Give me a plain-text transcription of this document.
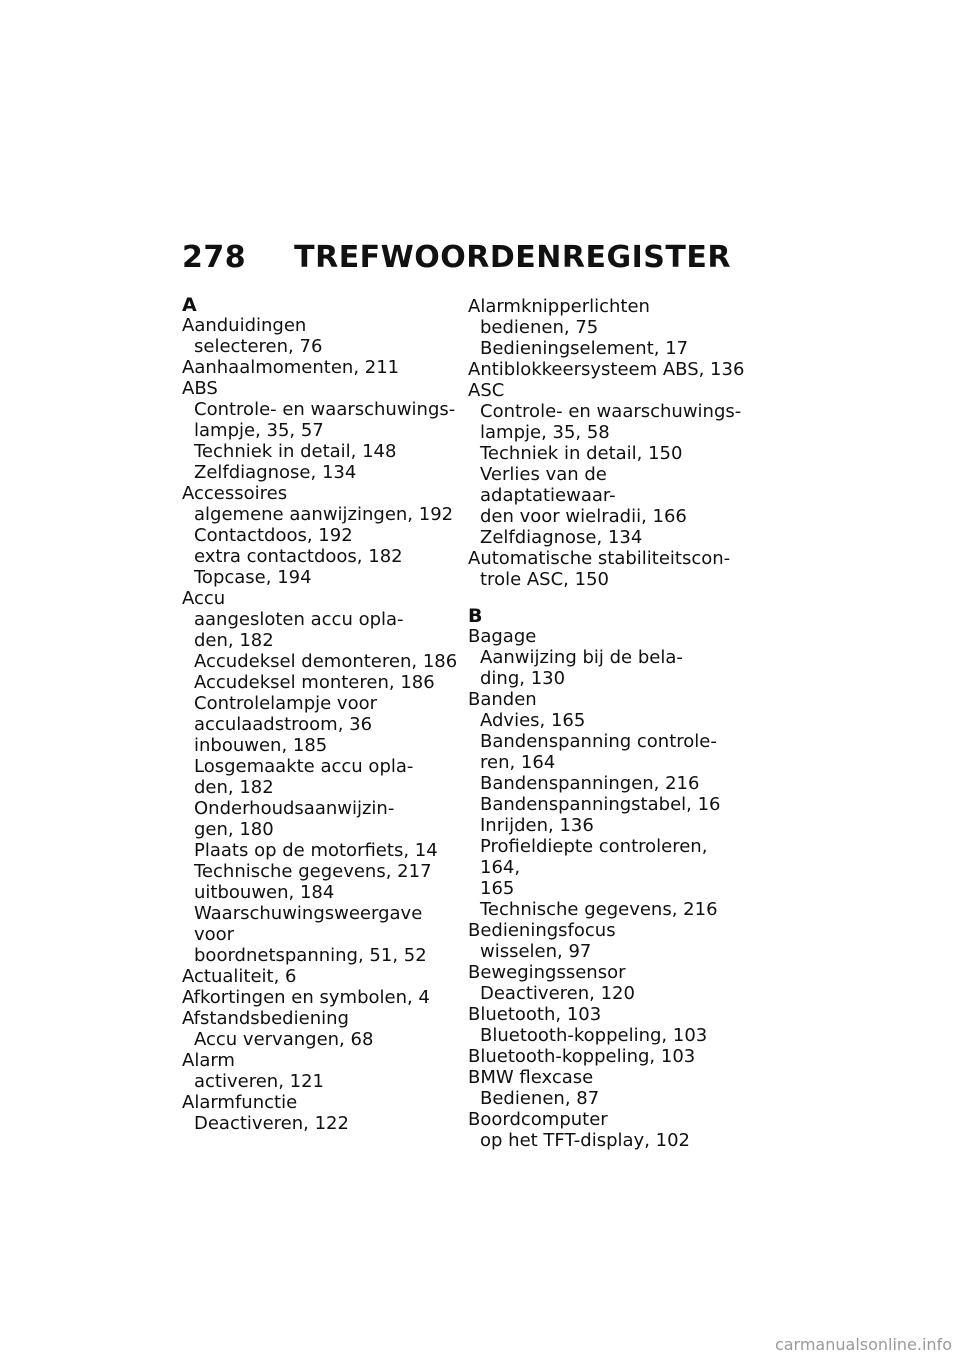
278 TREFWOORDENREGISTER
A
Aanduidingen
selecteren, 76
Aanhaalmomenten, 211
ABS
Controle- en waarschuwings-
lampje, 35, 57
Techniek in detail, 148
Zelfdiagnose, 134
Accessoires
algemene aanwijzingen, 192
Contactdoos, 192
extra contactdoos, 182
Topcase, 194
Accu
aangesloten accu opla-
den, 182
Accudeksel demonteren, 186
Accudeksel monteren, 186
Controlelampje voor
acculaadstroom, 36
inbouwen, 185
Losgemaakte accu opla-
den, 182
Onderhoudsaanwijzin-
gen, 180
Plaats op de motorfiets, 14
Technische gegevens, 217
uitbouwen, 184
Waarschuwingsweergave voor
boordnetspanning, 51, 52
Actualiteit, 6
Afkortingen en symbolen, 4
Afstandsbediening
Accu vervangen, 68
Alarm
activeren, 121
Alarmfunctie
Deactiveren, 122
Alarmknipperlichten
bedienen, 75
Bedieningselement, 17
Antiblokkeersysteem ABS, 136
ASC
Controle- en waarschuwings-
lampje, 35, 58
Techniek in detail, 150
Verlies van de adaptatiewaar-
den voor wielradii, 166
Zelfdiagnose, 134
Automatische stabiliteitscon-
trole ASC, 150
B
Bagage
Aanwijzing bij de bela-
ding, 130
Banden
Advies, 165
Bandenspanning controle-
ren, 164
Bandenspanningen, 216
Bandenspanningstabel, 16
Inrijden, 136
Profieldiepte controleren, 164,
165
Technische gegevens, 216
Bedieningsfocus
wisselen, 97
Bewegingssensor
Deactiveren, 120
Bluetooth, 103
Bluetooth-koppeling, 103
Bluetooth-koppeling, 103
BMW flexcase
Bedienen, 87
Boordcomputer
op het TFT-display, 102
carmanualsonline.info
